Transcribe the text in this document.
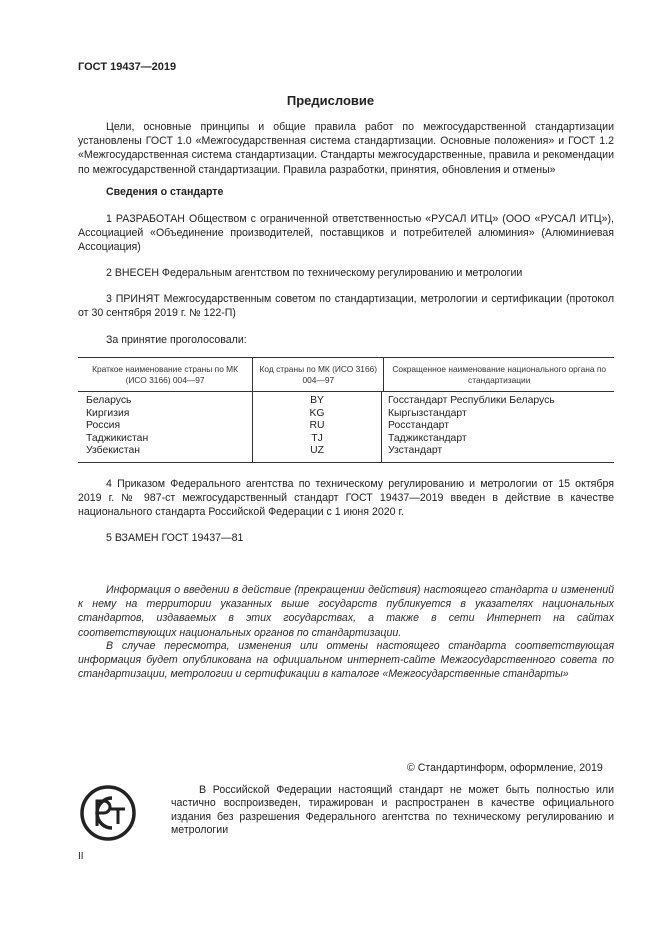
ГОСТ 19437—2019
Предисловие

Цели, основные принципы и общие правила работ по межгосударственной стандартизации установлены ГОСТ 1.0 «Межгосударственная система стандартизации. Основные положения» и ГОСТ 1.2 «Межгосударственная система стандартизации. Стандарты межгосударственные, правила и рекомендации по межгосударственной стандартизации. Правила разработки, принятия, обновления и отмены»

Сведения о стандарте

1 РАЗРАБОТАН Обществом с ограниченной ответственностью «РУСАЛ ИТЦ» (ООО «РУСАЛ ИТЦ»), Ассоциацией «Объединение производителей, поставщиков и потребителей алюминия» (Алюминиевая Ассоциация)

2 ВНЕСЕН Федеральным агентством по техническому регулированию и метрологии

3 ПРИНЯТ Межгосударственным советом по стандартизации, метрологии и сертификации (протокол от 30 сентября 2019 г. № 122-П)

За принятие проголосовали:

Краткое наименование страны по МК (ИСО 3166) 004—97
Код страны по МК (ИСО 3166) 004—97
Сокращенное наименование национального органа по стандартизации
Беларусь
Киргизия
Россия
Таджикистан
Узбекистан
BY
KG
RU
TJ
UZ
Госстандарт Республики Беларусь
Кыргызстандарт
Росстандарт
Таджикстандарт
Узстандарт

4 Приказом Федерального агентства по техническому регулированию и метрологии от 15 октября 2019 г. № 987-ст межгосударственный стандарт ГОСТ 19437—2019 введен в действие в качестве национального стандарта Российской Федерации с 1 июня 2020 г.

5 ВЗАМЕН ГОСТ 19437—81

Информация о введении в действие (прекращении действия) настоящего стандарта и изменений к нему на территории указанных выше государств публикуется в указателях национальных стандартов, издаваемых в этих государствах, а также в сети Интернет на сайтах соответствующих национальных органов по стандартизации.

В случае пересмотра, изменения или отмены настоящего стандарта соответствующая информация будет опубликована на официальном интернет-сайте Межгосударственного совета по стандартизации, метрологии и сертификации в каталоге «Межгосударственные стандарты»

© Стандартинформ, оформление, 2019

В Российской Федерации настоящий стандарт не может быть полностью или частично воспроизведен, тиражирован и распространен в качестве официального издания без разрешения Федерального агентства по техническому регулированию и метрологии

II
